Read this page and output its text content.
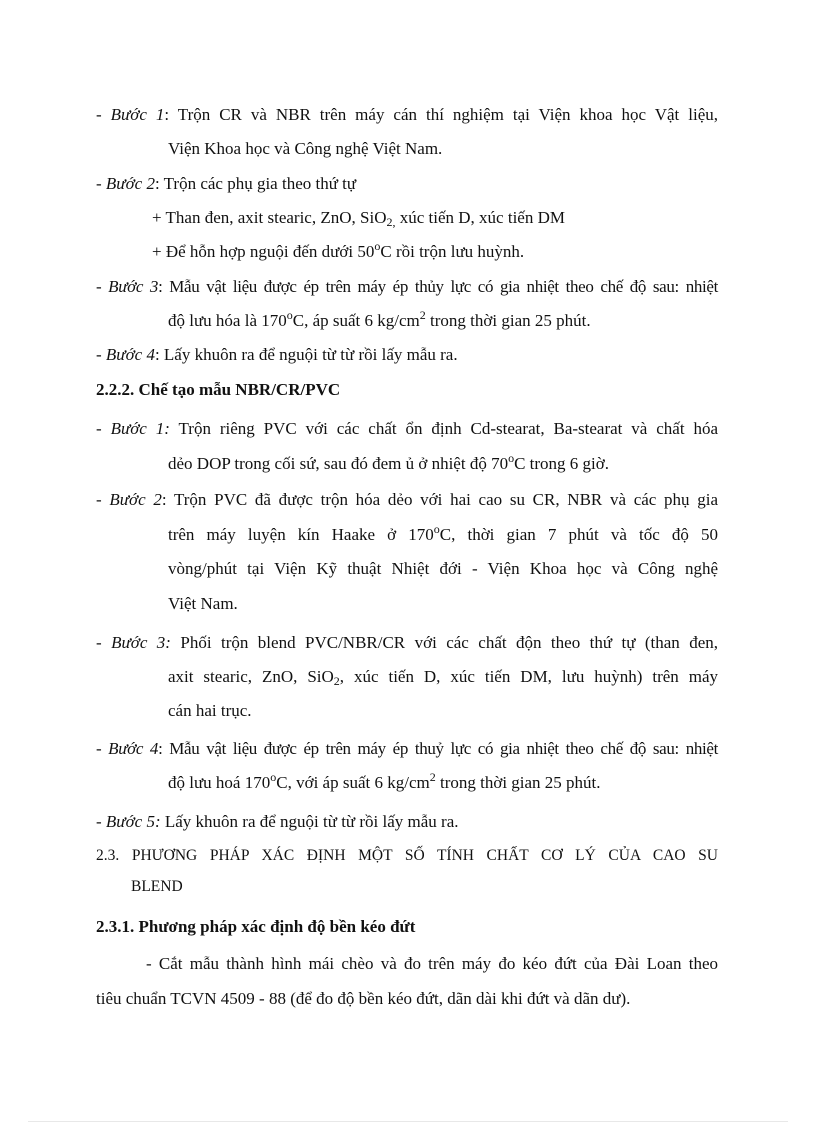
- Bước 1: Trộn CR và NBR trên máy cán thí nghiệm tại Viện khoa học Vật liệu,
Viện Khoa học và Công nghệ Việt Nam.
- Bước 2: Trộn các phụ gia theo thứ tự
+ Than đen, axit stearic, ZnO, SiO$_{2,}$ xúc tiến D, xúc tiến DM
+ Để hỗn hợp nguội đến dưới 50$^o$C rồi trộn lưu huỳnh.
- Bước 3: Mẫu vật liệu được ép trên máy ép thủy lực có gia nhiệt theo chế độ sau: nhiệt
độ lưu hóa là 170$^o$C, áp suất 6 $kg/cm^2$ trong thời gian 25 phút.
- Bước 4: Lấy khuôn ra để nguội từ từ rồi lấy mẫu ra.
2.2.2. Chế tạo mẫu NBR/CR/PVC
- Bước 1: Trộn riêng PVC với các chất ổn định Cd-stearat, Ba-stearat và chất hóa
dẻo DOP trong cối sứ, sau đó đem ủ ở nhiệt độ 70$^o$C trong 6 giờ.
- Bước 2: Trộn PVC đã được trộn hóa dẻo với hai cao su CR, NBR và các phụ gia
trên máy luyện kín Haake ở 170$^o$C, thời gian 7 phút và tốc độ 50
vòng/phút tại Viện Kỹ thuật Nhiệt đới - Viện Khoa học và Công nghệ
Việt Nam.
- Bước 3: Phối trộn blend PVC/NBR/CR với các chất độn theo thứ tự (than đen,
axit stearic, ZnO, SiO$_2$, xúc tiến D, xúc tiến DM, lưu huỳnh) trên máy
cán hai trục.
- Bước 4: Mẫu vật liệu được ép trên máy ép thuỷ lực có gia nhiệt theo chế độ sau: nhiệt
độ lưu hoá 170$^o$C, với áp suất 6 $kg/cm^2$ trong thời gian 25 phút.
- Bước 5: Lấy khuôn ra để nguội từ từ rồi lấy mẫu ra.
2.3. PHƯƠNG PHÁP XÁC ĐỊNH MỘT SỐ TÍNH CHẤT CƠ LÝ CỦA CAO SU
BLEND
2.3.1. Phương pháp xác định độ bền kéo đứt
- Cắt mẫu thành hình mái chèo và đo trên máy đo kéo đứt của Đài Loan theo
tiêu chuẩn TCVN 4509 - 88 (để đo độ bền kéo đứt, dãn dài khi đứt và dãn dư).
